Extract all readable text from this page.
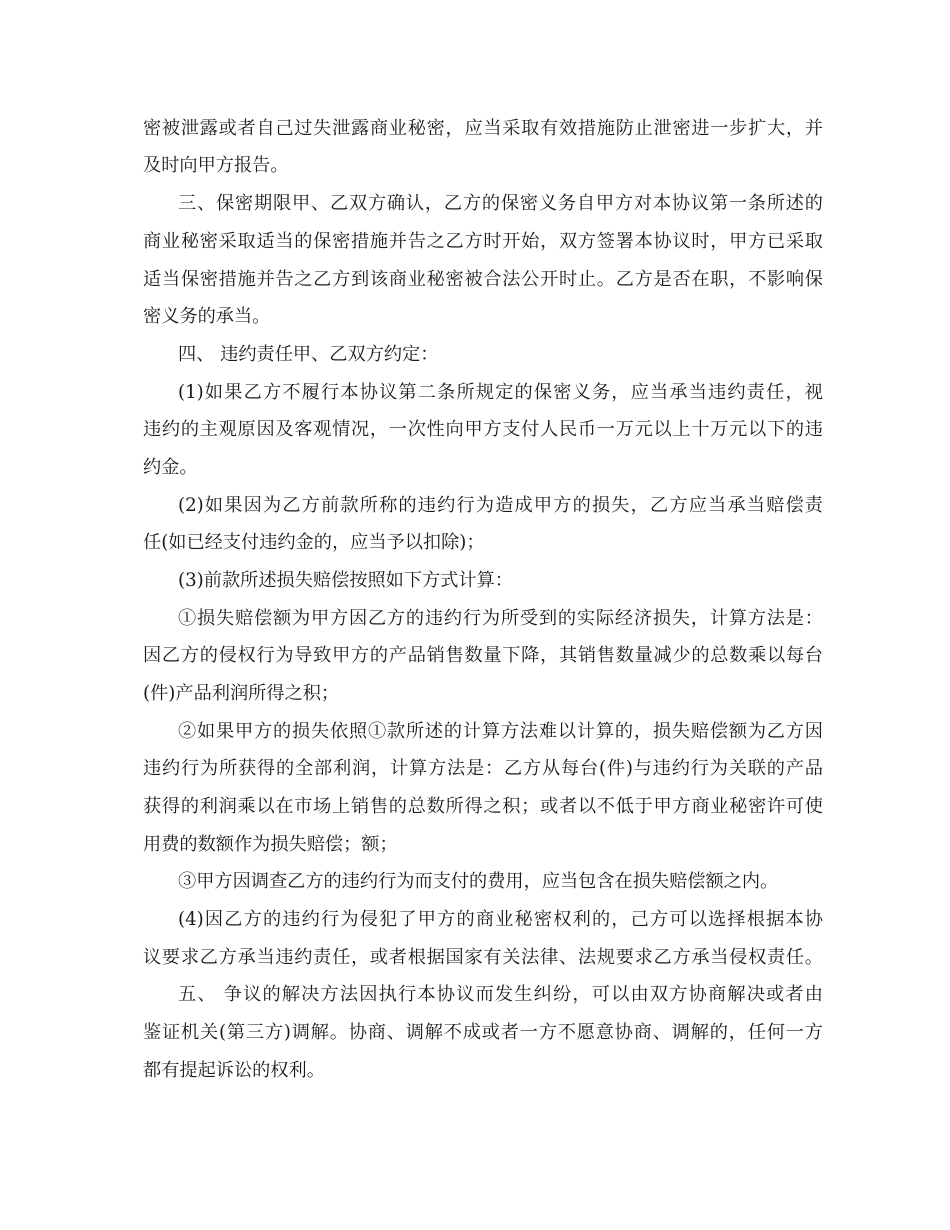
密被泄露或者自己过失泄露商业秘密，应当采取有效措施防止泄密进一步扩大，并
及时向甲方报告。
三、保密期限甲、乙双方确认，乙方的保密义务自甲方对本协议第一条所述的
商业秘密采取适当的保密措施并告之乙方时开始，双方签署本协议时，甲方已采取
适当保密措施并告之乙方到该商业秘密被合法公开时止。乙方是否在职，不影响保
密义务的承当。
四、 违约责任甲、乙双方约定：
(1)如果乙方不履行本协议第二条所规定的保密义务，应当承当违约责任，视
违约的主观原因及客观情况，一次性向甲方支付人民币一万元以上十万元以下的违
约金。
(2)如果因为乙方前款所称的违约行为造成甲方的损失，乙方应当承当赔偿责
任(如已经支付违约金的，应当予以扣除)；
(3)前款所述损失赔偿按照如下方式计算：
①损失赔偿额为甲方因乙方的违约行为所受到的实际经济损失，计算方法是：
因乙方的侵权行为导致甲方的产品销售数量下降，其销售数量减少的总数乘以每台
(件)产品利润所得之积；
②如果甲方的损失依照①款所述的计算方法难以计算的，损失赔偿额为乙方因
违约行为所获得的全部利润，计算方法是：乙方从每台(件)与违约行为关联的产品
获得的利润乘以在市场上销售的总数所得之积；或者以不低于甲方商业秘密许可使
用费的数额作为损失赔偿；额；
③甲方因调查乙方的违约行为而支付的费用，应当包含在损失赔偿额之内。
(4)因乙方的违约行为侵犯了甲方的商业秘密权利的，己方可以选择根据本协
议要求乙方承当违约责任，或者根据国家有关法律、法规要求乙方承当侵权责任。
五、 争议的解决方法因执行本协议而发生纠纷，可以由双方协商解决或者由
鉴证机关(第三方)调解。协商、调解不成或者一方不愿意协商、调解的，任何一方
都有提起诉讼的权利。
